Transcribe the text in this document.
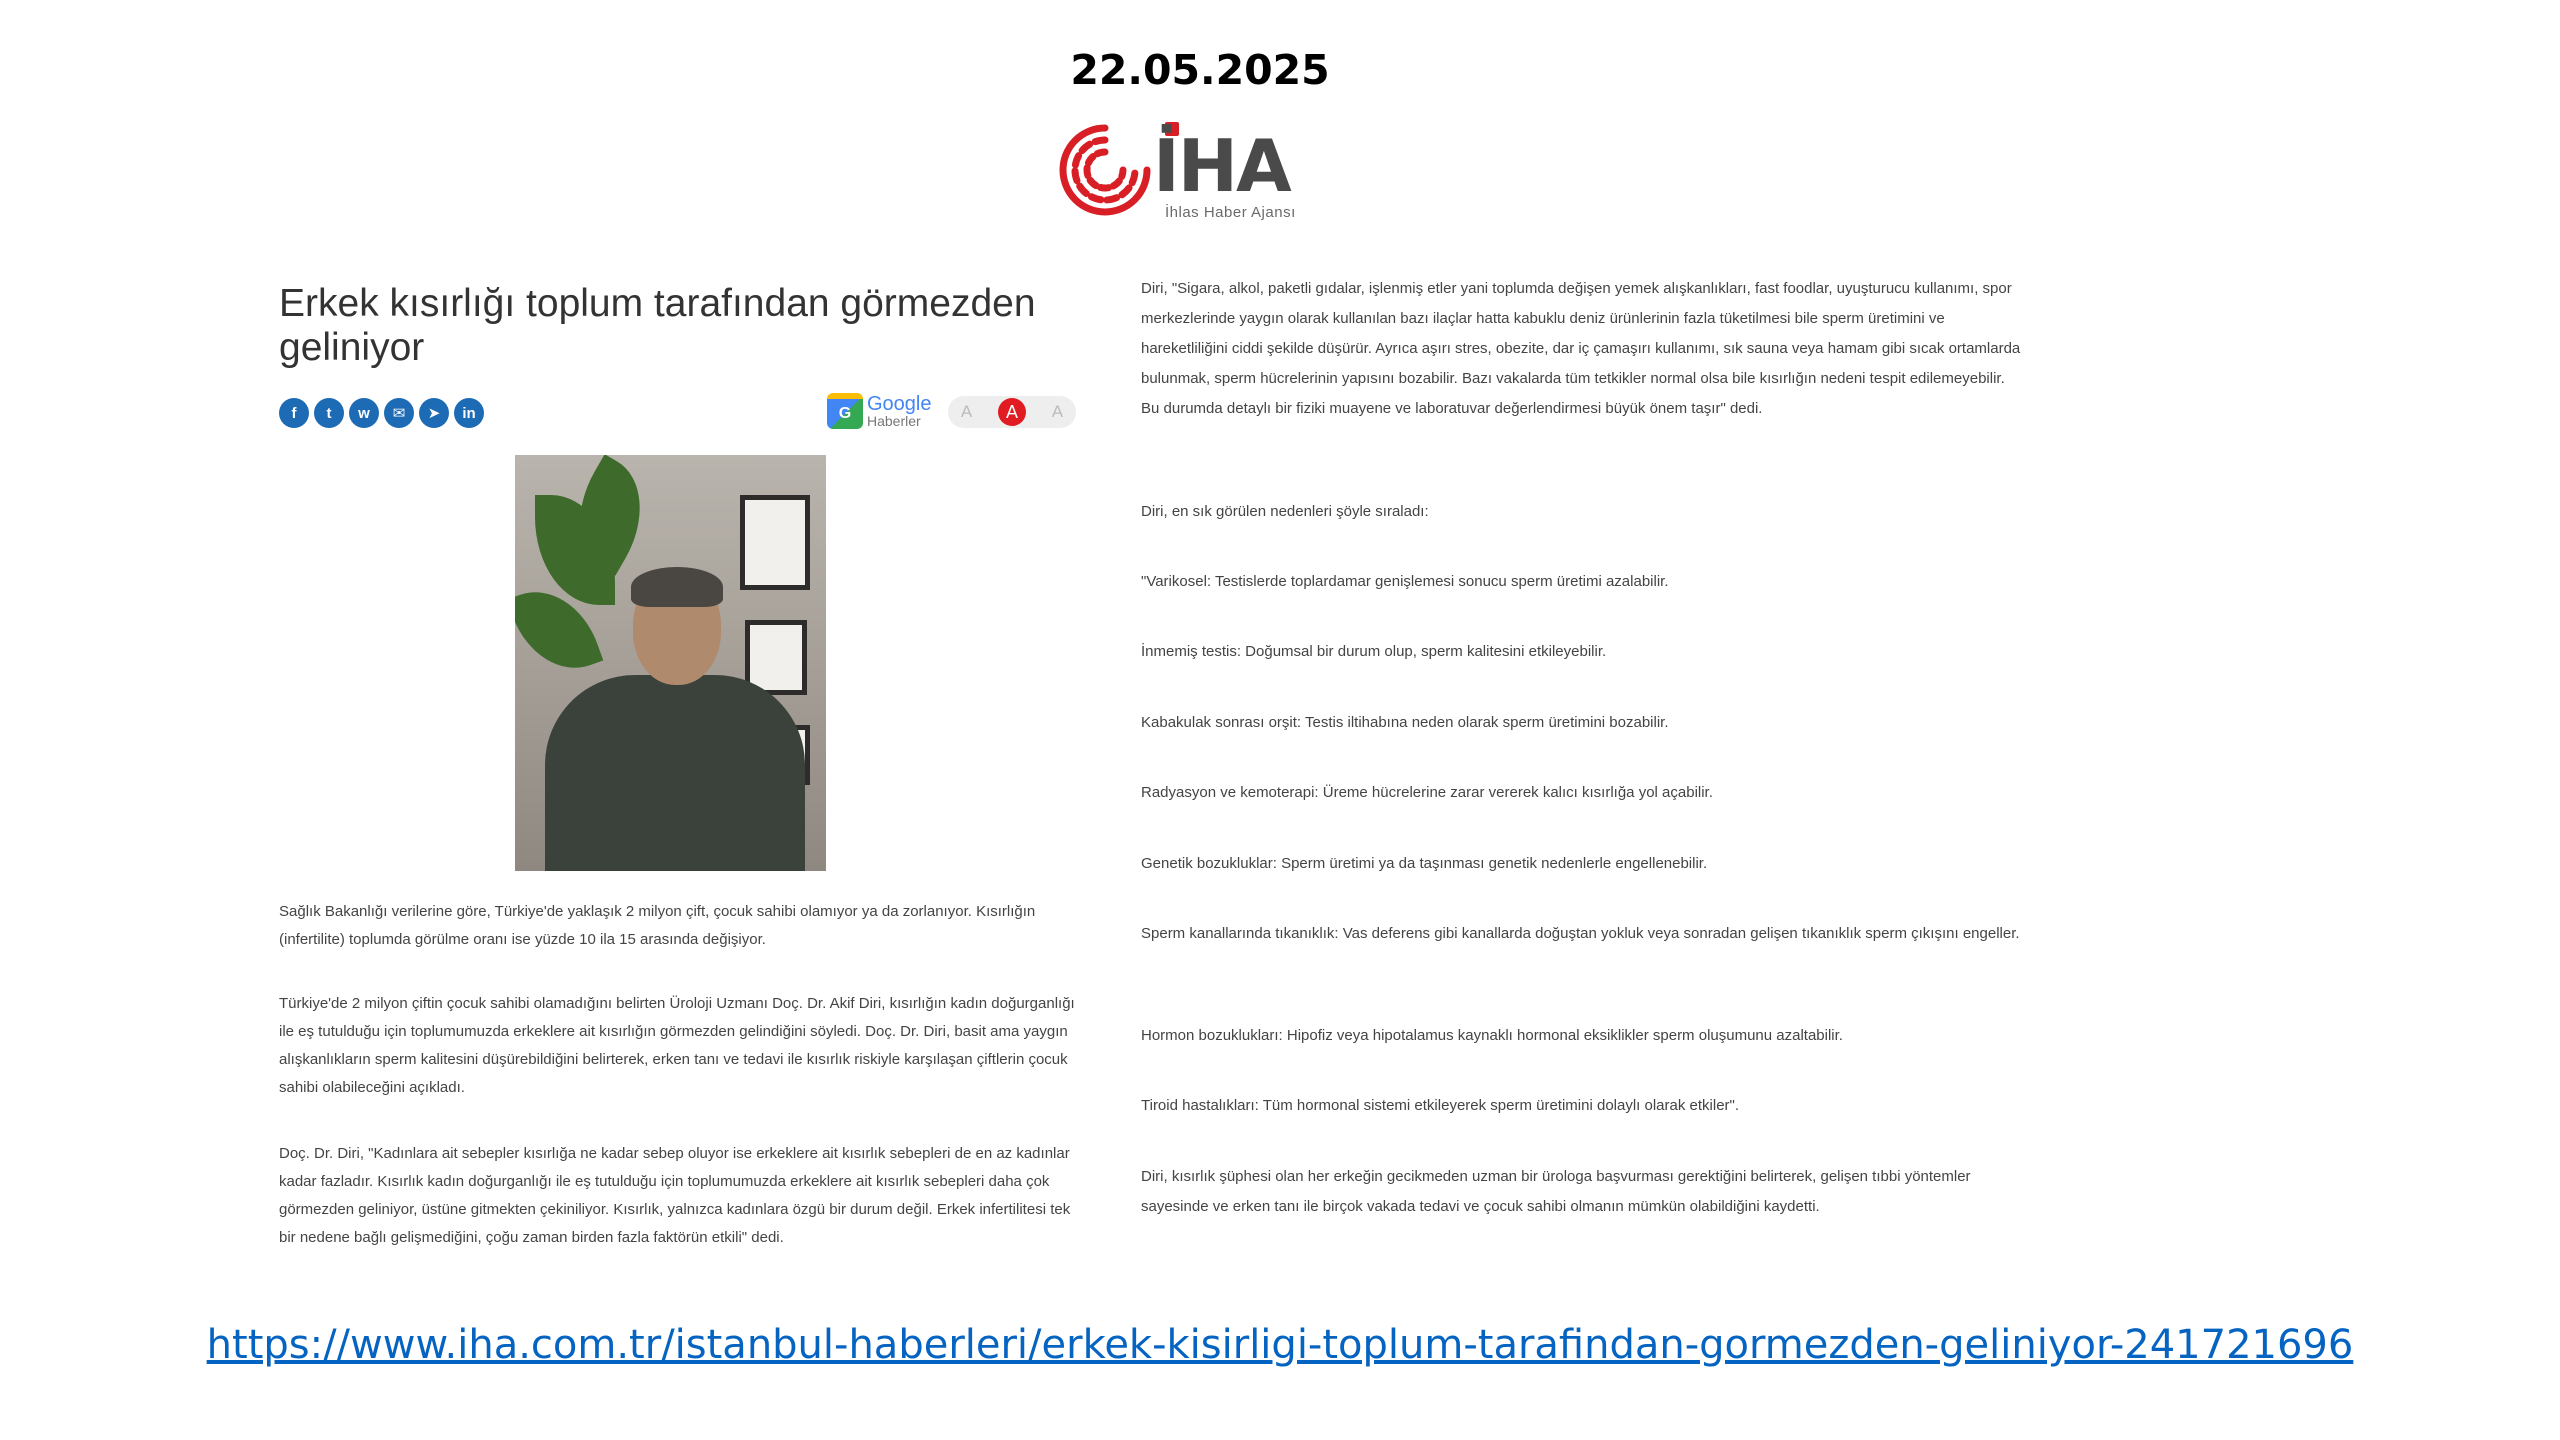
22.05.2025
İHA
İhlas Haber Ajansı
Erkek kısırlığı toplum tarafından görmezden geliniyor
f	t	w	✉	➤	in	G Google
Haberler	A	A	A

Sağlık Bakanlığı verilerine göre, Türkiye'de yaklaşık 2 milyon çift, çocuk sahibi olamıyor ya da zorlanıyor. Kısırlığın (infertilite) toplumda görülme oranı ise yüzde 10 ila 15 arasında değişiyor.

Türkiye'de 2 milyon çiftin çocuk sahibi olamadığını belirten Üroloji Uzmanı Doç. Dr. Akif Diri, kısırlığın kadın doğurganlığı ile eş tutulduğu için toplumumuzda erkeklere ait kısırlığın görmezden gelindiğini söyledi. Doç. Dr. Diri, basit ama yaygın alışkanlıkların sperm kalitesini düşürebildiğini belirterek, erken tanı ve tedavi ile kısırlık riskiyle karşılaşan çiftlerin çocuk sahibi olabileceğini açıkladı.

Doç. Dr. Diri, "Kadınlara ait sebepler kısırlığa ne kadar sebep oluyor ise erkeklere ait kısırlık sebepleri de en az kadınlar kadar fazladır. Kısırlık kadın doğurganlığı ile eş tutulduğu için toplumumuzda erkeklere ait kısırlık sebepleri daha çok görmezden geliniyor, üstüne gitmekten çekiniliyor. Kısırlık, yalnızca kadınlara özgü bir durum değil. Erkek infertilitesi tek bir nedene bağlı gelişmediğini, çoğu zaman birden fazla faktörün etkili" dedi.

Diri, "Sigara, alkol, paketli gıdalar, işlenmiş etler yani toplumda değişen yemek alışkanlıkları, fast foodlar, uyuşturucu kullanımı, spor merkezlerinde yaygın olarak kullanılan bazı ilaçlar hatta kabuklu deniz ürünlerinin fazla tüketilmesi bile sperm üretimini ve hareketliliğini ciddi şekilde düşürür. Ayrıca aşırı stres, obezite, dar iç çamaşırı kullanımı, sık sauna veya hamam gibi sıcak ortamlarda bulunmak, sperm hücrelerinin yapısını bozabilir. Bazı vakalarda tüm tetkikler normal olsa bile kısırlığın nedeni tespit edilemeyebilir. Bu durumda detaylı bir fiziki muayene ve laboratuvar değerlendirmesi büyük önem taşır" dedi.

Diri, en sık görülen nedenleri şöyle sıraladı:

"Varikosel: Testislerde toplardamar genişlemesi sonucu sperm üretimi azalabilir.

İnmemiş testis: Doğumsal bir durum olup, sperm kalitesini etkileyebilir.

Kabakulak sonrası orşit: Testis iltihabına neden olarak sperm üretimini bozabilir.

Radyasyon ve kemoterapi: Üreme hücrelerine zarar vererek kalıcı kısırlığa yol açabilir.

Genetik bozukluklar: Sperm üretimi ya da taşınması genetik nedenlerle engellenebilir.

Sperm kanallarında tıkanıklık: Vas deferens gibi kanallarda doğuştan yokluk veya sonradan gelişen tıkanıklık sperm çıkışını engeller.

Hormon bozuklukları: Hipofiz veya hipotalamus kaynaklı hormonal eksiklikler sperm oluşumunu azaltabilir.

Tiroid hastalıkları: Tüm hormonal sistemi etkileyerek sperm üretimini dolaylı olarak etkiler".

Diri, kısırlık şüphesi olan her erkeğin gecikmeden uzman bir ürologa başvurması gerektiğini belirterek, gelişen tıbbi yöntemler sayesinde ve erken tanı ile birçok vakada tedavi ve çocuk sahibi olmanın mümkün olabildiğini kaydetti.

https://www.iha.com.tr/istanbul-haberleri/erkek-kisirligi-toplum-tarafindan-gormezden-geliniyor-241721696
